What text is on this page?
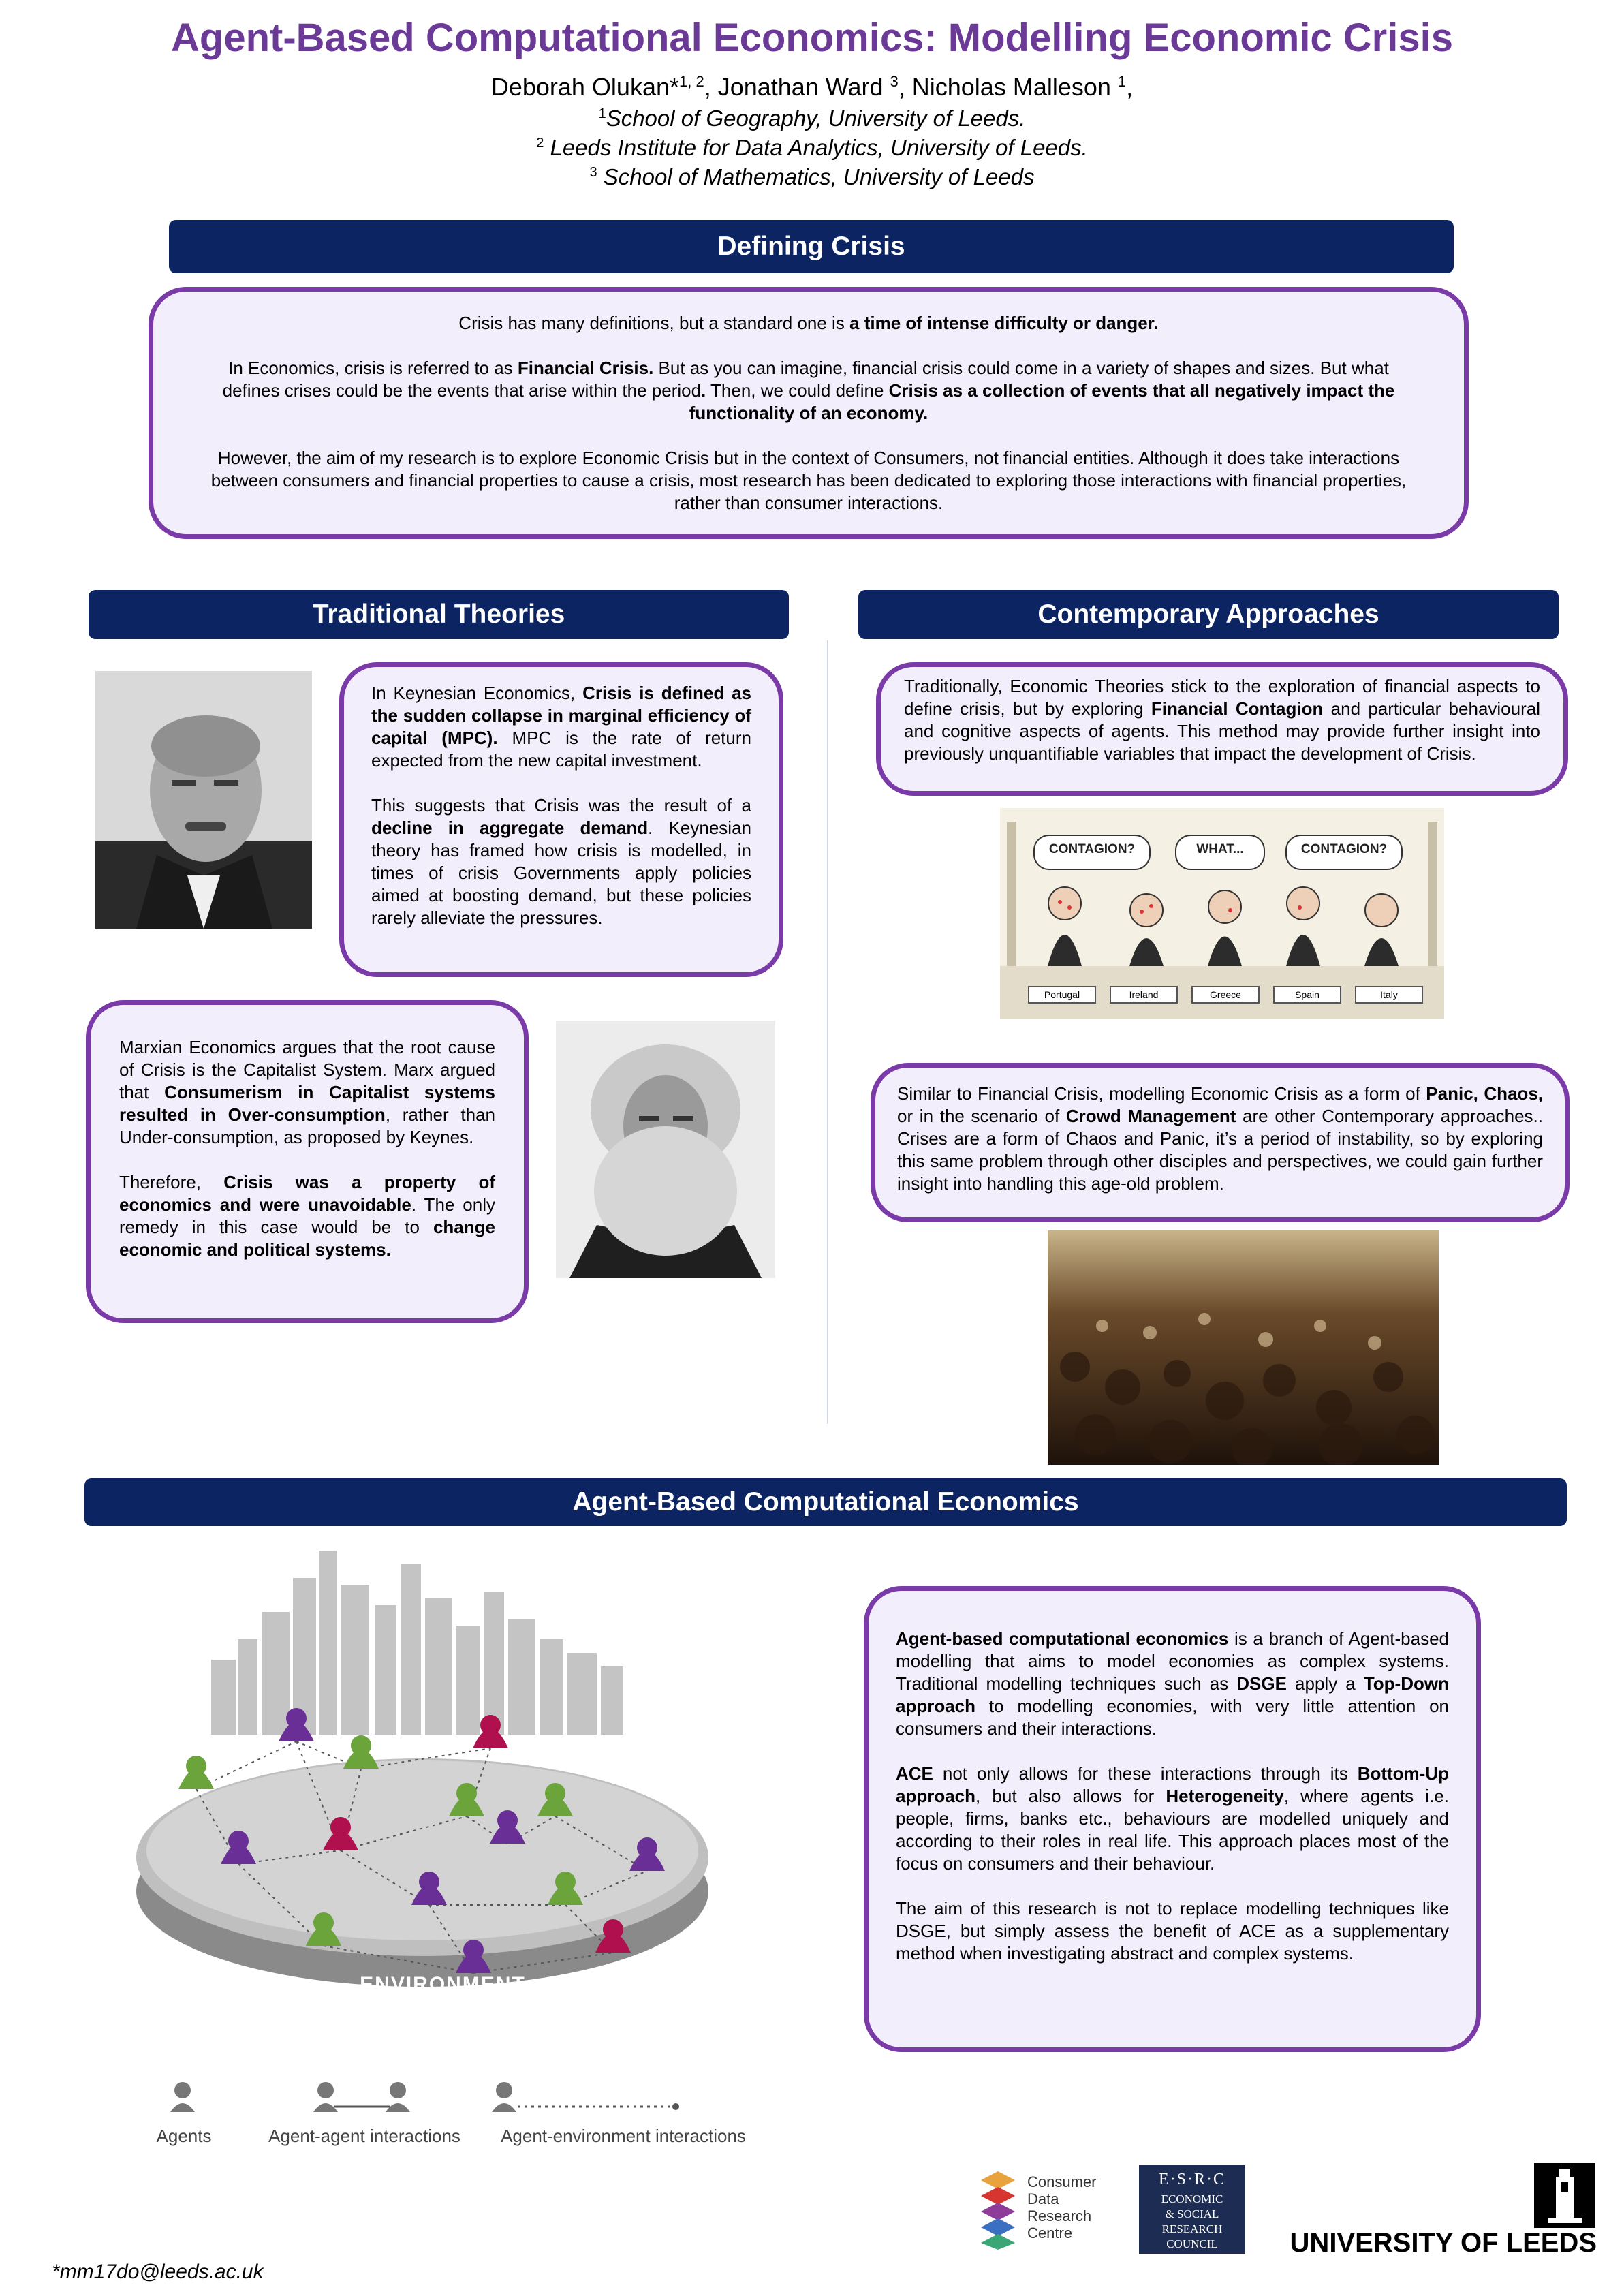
Agent-Based Computational Economics: Modelling Economic Crisis
Deborah Olukan*$^{1, 2}$, Jonathan Ward $^3$, Nicholas Malleson $^1$,
$^1$School of Geography, University of Leeds.
$^2$ Leeds Institute for Data Analytics, University of Leeds.
$^3$ School of Mathematics, University of Leeds
Defining Crisis

Crisis has many definitions, but a standard one is a time of intense difficulty or danger.

In Economics, crisis is referred to as Financial Crisis. But as you can imagine, financial crisis could come in a variety of shapes and sizes. But what defines crises could be the events that arise within the period. Then, we could define Crisis as a collection of events that all negatively impact the functionality of an economy.

However, the aim of my research is to explore Economic Crisis but in the context of Consumers, not financial entities. Although it does take interactions between consumers and financial properties to cause a crisis, most research has been dedicated to exploring those interactions with financial properties, rather than consumer interactions.

Traditional Theories	Contemporary Approaches

In Keynesian Economics, Crisis is defined as the sudden collapse in marginal efficiency of capital (MPC). MPC is the rate of return expected from the new capital investment.

This suggests that Crisis was the result of a decline in aggregate demand. Keynesian theory has framed how crisis is modelled, in times of crisis Governments apply policies aimed at boosting demand, but these policies rarely alleviate the pressures.

Marxian Economics argues that the root cause of Crisis is the Capitalist System. Marx argued that Consumerism in Capitalist systems resulted in Over-consumption, rather than Under-consumption, as proposed by Keynes.

Therefore, Crisis was a property of economics and were unavoidable. The only remedy in this case would be to change economic and political systems.

Traditionally, Economic Theories stick to the exploration of financial aspects to define crisis, but by exploring Financial Contagion and particular behavioural and cognitive aspects of agents. This method may provide further insight into previously unquantifiable variables that impact the development of Crisis.

CONTAGION?	WHAT...	CONTAGION?
Portugal	Ireland	Greece	Spain	Italy

Similar to Financial Crisis, modelling Economic Crisis as a form of Panic, Chaos, or in the scenario of Crowd Management are other Contemporary approaches.. Crises are a form of Chaos and Panic, it’s a period of instability, so by exploring this same problem through other disciples and perspectives, we could gain further insight into handling this age-old problem.

Agent-Based Computational Economics
ENVIRONMENT
Agents	Agent-agent interactions	Agent-environment interactions

Agent-based computational economics is a branch of Agent-based modelling that aims to model economies as complex systems. Traditional modelling techniques such as DSGE apply a Top-Down approach to modelling economies, with very little attention on consumers and their interactions.

ACE not only allows for these interactions through its Bottom-Up approach, but also allows for Heterogeneity, where agents i.e. people, firms, banks etc., behaviours are modelled uniquely and according to their roles in real life. This approach places most of the focus on consumers and their behaviour.

The aim of this research is not to replace modelling techniques like DSGE, but simply assess the benefit of ACE as a supplementary method when investigating abstract and complex systems.

Consumer
Data
Research
Centre
E·S·R·C
ECONOMIC
& SOCIAL
RESEARCH
COUNCIL	UNIVERSITY OF LEEDS
*mm17do@leeds.ac.uk
